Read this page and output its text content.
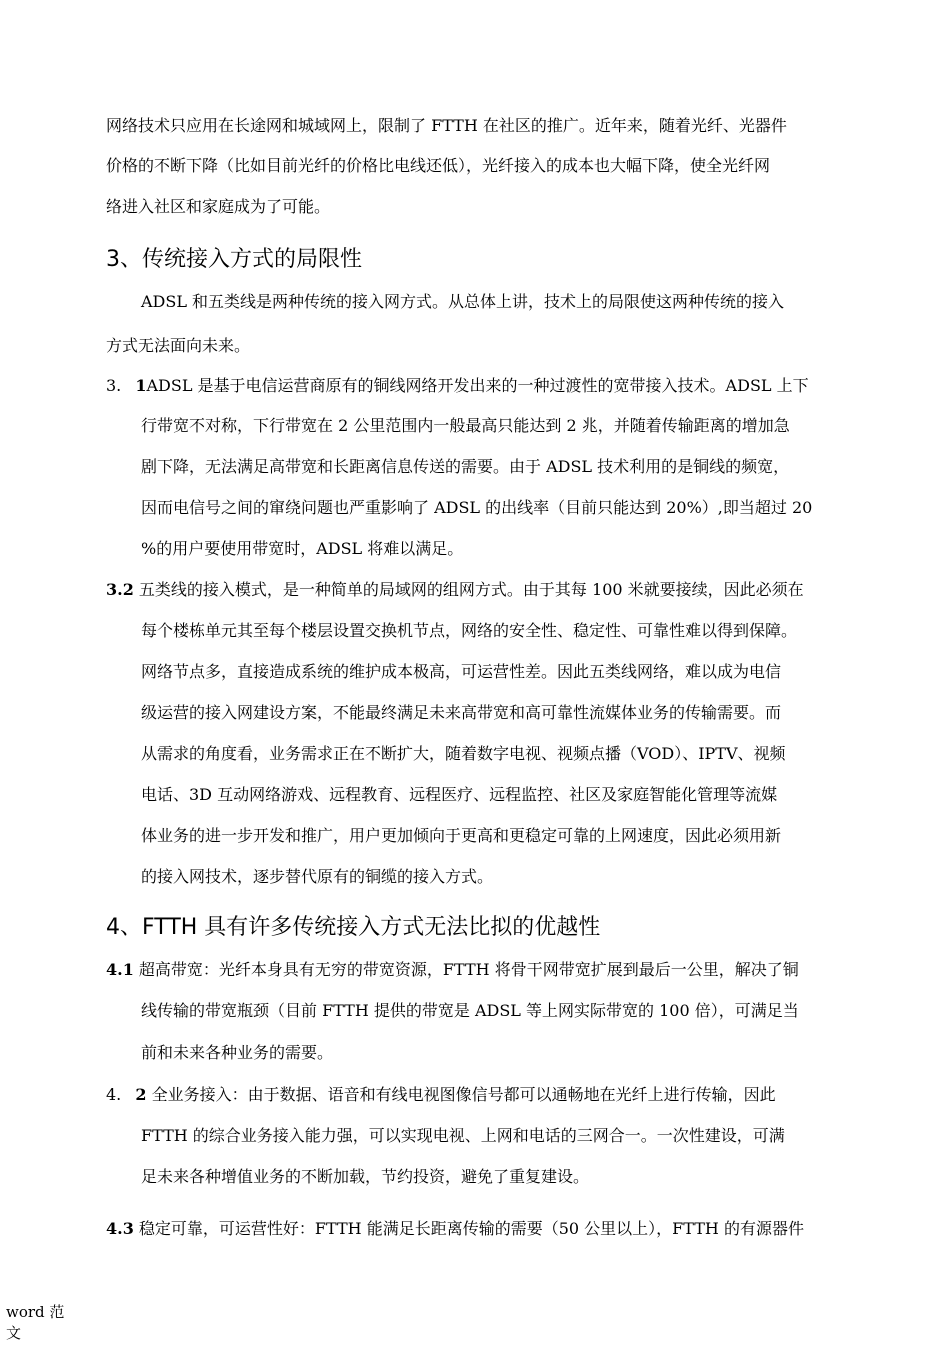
网络技术只应用在长途网和城域网上，限制了 FTTH 在社区的推广。近年来，随着光纤、光器件
价格的不断下降（比如目前光纤的价格比电线还低），光纤接入的成本也大幅下降，使全光纤网
络进入社区和家庭成为了可能。
3、传统接入方式的局限性
ADSL 和五类线是两种传统的接入网方式。从总体上讲，技术上的局限使这两种传统的接入
方式无法面向未来。
3. 1ADSL 是基于电信运营商原有的铜线网络开发出来的一种过渡性的宽带接入技术。ADSL 上下
行带宽不对称，下行带宽在 2 公里范围内一般最高只能达到 2 兆，并随着传输距离的增加急
剧下降，无法满足高带宽和长距离信息传送的需要。由于 ADSL 技术利用的是铜线的频宽，
因而电信号之间的窜绕问题也严重影响了 ADSL 的出线率（目前只能达到 20%）,即当超过 20
%的用户要使用带宽时，ADSL 将难以满足。
3.2 五类线的接入模式，是一种简单的局域网的组网方式。由于其每 100 米就要接续，因此必须在
每个楼栋单元其至每个楼层设置交换机节点，网络的安全性、稳定性、可靠性难以得到保障。
网络节点多，直接造成系统的维护成本极高，可运营性差。因此五类线网络，难以成为电信
级运营的接入网建设方案，不能最终满足未来高带宽和高可靠性流媒体业务的传输需要。而
从需求的角度看，业务需求正在不断扩大，随着数字电视、视频点播（VOD）、IPTV、视频
电话、3D 互动网络游戏、远程教育、远程医疗、远程监控、社区及家庭智能化管理等流媒
体业务的进一步开发和推广，用户更加倾向于更高和更稳定可靠的上网速度，因此必须用新
的接入网技术，逐步替代原有的铜缆的接入方式。
4、FTTH 具有许多传统接入方式无法比拟的优越性
4.1 超高带宽：光纤本身具有无穷的带宽资源，FTTH 将骨干网带宽扩展到最后一公里，解决了铜
线传输的带宽瓶颈（目前 FTTH 提供的带宽是 ADSL 等上网实际带宽的 100 倍），可满足当
前和未来各种业务的需要。
4. 2 全业务接入：由于数据、语音和有线电视图像信号都可以通畅地在光纤上进行传输，因此
FTTH 的综合业务接入能力强，可以实现电视、上网和电话的三网合一。一次性建设，可满
足未来各种增值业务的不断加载，节约投资，避免了重复建设。
4.3 稳定可靠，可运营性好：FTTH 能满足长距离传输的需要（50 公里以上），FTTH 的有源器件
word 范
文
